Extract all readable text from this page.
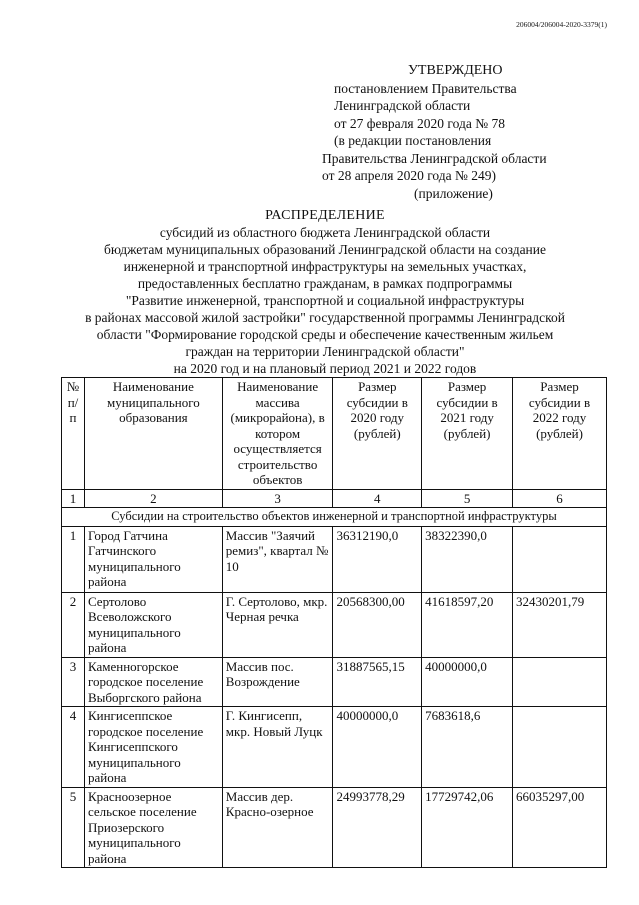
206004/206004-2020-3379(1)
УТВЕРЖДЕНО
постановлением Правительства
Ленинградской области
от 27 февраля 2020 года № 78
(в редакции постановления
Правительства Ленинградской области
от 28 апреля 2020 года № 249)
(приложение)
РАСПРЕДЕЛЕНИЕ
субсидий из областного бюджета Ленинградской области
бюджетам муниципальных образований Ленинградской области на создание
инженерной и транспортной инфраструктуры на земельных участках,
предоставленных бесплатно гражданам, в рамках подпрограммы
"Развитие инженерной, транспортной и социальной инфраструктуры
в районах массовой жилой застройки" государственной программы Ленинградской
области "Формирование городской среды и обеспечение качественным жильем
граждан на территории Ленинградской области"
на 2020 год и на плановый период 2021 и 2022 годов
№ п/п	Наименование муниципального образования	Наименование массива (микрорайона), в котором осуществляется строительство объектов	Размер субсидии в 2020 году (рублей)	Размер субсидии в 2021 году (рублей)	Размер субсидии в 2022 году (рублей)
1	2	3	4	5	6
Субсидии на строительство объектов инженерной и транспортной инфраструктуры					
1	Город Гатчина Гатчинского муниципального района	Массив "Заячий ремиз", квартал № 10	36312190,0	38322390,0	
2	Сертолово Всеволожского муниципального района	Г. Сертолово, мкр. Черная речка	20568300,00	41618597,20	32430201,79
3	Каменногорское городское поселение Выборгского района	Массив пос. Возрождение	31887565,15	40000000,0	
4	Кингисеппское городское поселение Кингисеппского муниципального района	Г. Кингисепп, мкр. Новый Луцк	40000000,0	7683618,6	
5	Красноозерное сельское поселение Приозерского муниципального района	Массив дер. Красно-озерное	24993778,29	17729742,06	66035297,00
